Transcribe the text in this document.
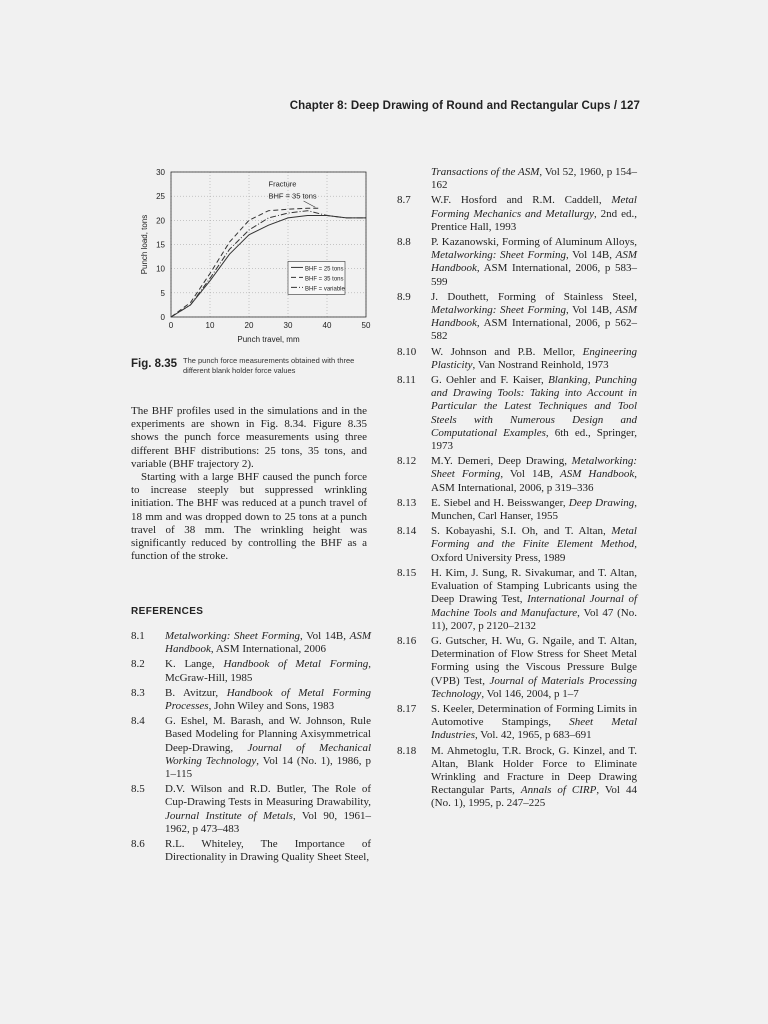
Chapter 8: Deep Drawing of Round and Rectangular Cups / 127
0	10	20	30	40	50
0
5
10
15
20
25
30
Punch travel, mm
Punch load, tons
Fracture
BHF = 35 tons
BHF = 25 tons
BHF = 35 tons
BHF = variable
Fig. 8.35 The punch force measurements obtained with three different blank holder force values

The BHF profiles used in the simulations and in the experiments are shown in Fig. 8.34. Figure 8.35 shows the punch force measurements using three different BHF distributions: 25 tons, 35 tons, and variable (BHF trajectory 2).

Starting with a large BHF caused the punch force to increase steeply but suppressed wrinkling initiation. The BHF was reduced at a punch travel of 18 mm and was dropped down to 25 tons at a punch travel of 38 mm. The wrinkling height was significantly reduced by controlling the BHF as a function of the stroke.

REFERENCES
8.1	Metalworking: Sheet Forming, Vol 14B, ASM Handbook, ASM International, 2006
8.2	K. Lange, Handbook of Metal Forming, McGraw-Hill, 1985
8.3	B. Avitzur, Handbook of Metal Forming Processes, John Wiley and Sons, 1983
8.4	G. Eshel, M. Barash, and W. Johnson, Rule Based Modeling for Planning Axisymmetrical Deep-Drawing, Journal of Mechanical Working Technology, Vol 14 (No. 1), 1986, p 1–115
8.5	D.V. Wilson and R.D. Butler, The Role of Cup-Drawing Tests in Measuring Drawability, Journal Institute of Metals, Vol 90, 1961–1962, p 473–483
8.6	R.L. Whiteley, The Importance of Directionality in Drawing Quality Sheet Steel,
Transactions of the ASM, Vol 52, 1960, p 154–162
8.7	W.F. Hosford and R.M. Caddell, Metal Forming Mechanics and Metallurgy, 2nd ed., Prentice Hall, 1993
8.8	P. Kazanowski, Forming of Aluminum Alloys, Metalworking: Sheet Forming, Vol 14B, ASM Handbook, ASM International, 2006, p 583–599
8.9	J. Douthett, Forming of Stainless Steel, Metalworking: Sheet Forming, Vol 14B, ASM Handbook, ASM International, 2006, p 562–582
8.10	W. Johnson and P.B. Mellor, Engineering Plasticity, Van Nostrand Reinhold, 1973
8.11	G. Oehler and F. Kaiser, Blanking, Punching and Drawing Tools: Taking into Account in Particular the Latest Techniques and Tool Steels with Numerous Design and Computational Examples, 6th ed., Springer, 1973
8.12	M.Y. Demeri, Deep Drawing, Metalworking: Sheet Forming, Vol 14B, ASM Handbook, ASM International, 2006, p 319–336
8.13	E. Siebel and H. Beisswanger, Deep Drawing, Munchen, Carl Hanser, 1955
8.14	S. Kobayashi, S.I. Oh, and T. Altan, Metal Forming and the Finite Element Method, Oxford University Press, 1989
8.15	H. Kim, J. Sung, R. Sivakumar, and T. Altan, Evaluation of Stamping Lubricants using the Deep Drawing Test, International Journal of Machine Tools and Manufacture, Vol 47 (No. 11), 2007, p 2120–2132
8.16	G. Gutscher, H. Wu, G. Ngaile, and T. Altan, Determination of Flow Stress for Sheet Metal Forming using the Viscous Pressure Bulge (VPB) Test, Journal of Materials Processing Technology, Vol 146, 2004, p 1–7
8.17	S. Keeler, Determination of Forming Limits in Automotive Stampings, Sheet Metal Industries, Vol. 42, 1965, p 683–691
8.18	M. Ahmetoglu, T.R. Brock, G. Kinzel, and T. Altan, Blank Holder Force to Eliminate Wrinkling and Fracture in Deep Drawing Rectangular Parts, Annals of CIRP, Vol 44 (No. 1), 1995, p. 247–225
